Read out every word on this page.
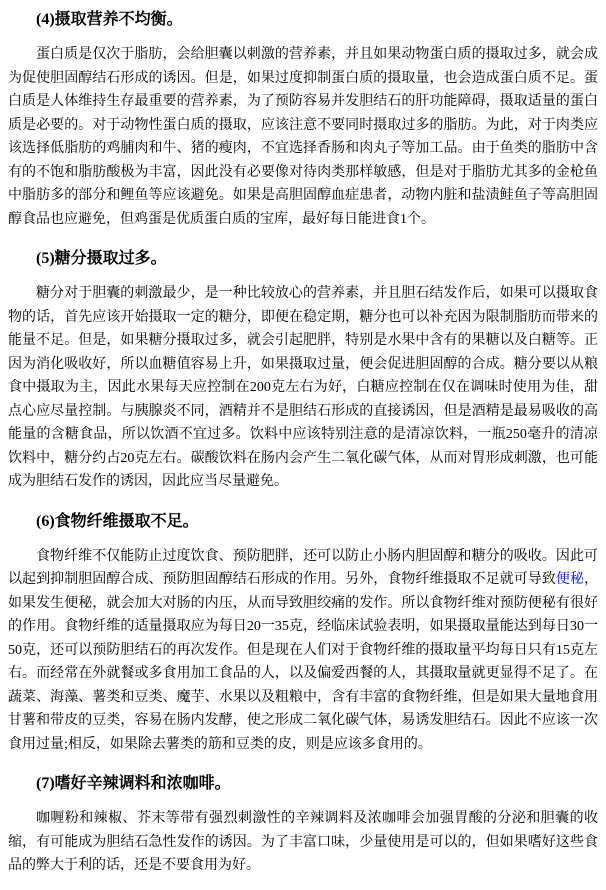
(4)摄取营养不均衡。

蛋白质是仅次于脂肪，会给胆囊以刺激的营养素，并且如果动物蛋白质的摄取过多，就会成为促使胆固醇结石形成的诱因。但是，如果过度抑制蛋白质的摄取量，也会造成蛋白质不足。蛋白质是人体维持生存最重要的营养素，为了预防容易并发胆结石的肝功能障碍，摄取适量的蛋白质是必要的。对于动物性蛋白质的摄取，应该注意不要同时摄取过多的脂肪。为此，对于肉类应该选择低脂肪的鸡脯肉和牛、猪的瘦肉，不宜选择香肠和肉丸子等加工品。由于鱼类的脂肪中含有的不饱和脂肪酸极为丰富，因此没有必要像对待肉类那样敏感，但是对于脂肪尤其多的金枪鱼中脂肪多的部分和鲤鱼等应该避免。如果是高胆固醇血症患者，动物内脏和盐渍鲑鱼子等高胆固醇食品也应避免，但鸡蛋是优质蛋白质的宝库，最好每日能进食1个。

(5)糖分摄取过多。

糖分对于胆囊的刺激最少，是一种比较放心的营养素，并且胆石结发作后，如果可以摄取食物的话，首先应该开始摄取一定的糖分，即便在稳定期，糖分也可以补充因为限制脂肪而带来的能量不足。但是，如果糖分摄取过多，就会引起肥胖，特别是水果中含有的果糖以及白糖等。正因为消化吸收好，所以血糖值容易上升，如果摄取过量，便会促进胆固醇的合成。糖分要以从粮食中摄取为主，因此水果每天应控制在200克左右为好，白糖应控制在仅在调味时使用为佳，甜点心应尽量控制。与胰腺炎不同，酒精并不是胆结石形成的直接诱因，但是酒精是最易吸收的高能量的含糖食品，所以饮酒不宜过多。饮料中应该特别注意的是清凉饮料，一瓶250毫升的清凉饮料中，糖分约占20克左右。碳酸饮料在肠内会产生二氧化碳气体，从而对胃形成刺激，也可能成为胆结石发作的诱因，因此应当尽量避免。

(6)食物纤维摄取不足。

食物纤维不仅能防止过度饮食、预防肥胖，还可以防止小肠内胆固醇和糖分的吸收。因此可以起到抑制胆固醇合成、预防胆固醇结石形成的作用。另外，食物纤维摄取不足就可导致便秘，如果发生便秘，就会加大对肠的内压，从而导致胆绞痛的发作。所以食物纤维对预防便秘有很好的作用。食物纤维的适量摄取应为每日20一35克，经临床试验表明，如果摄取量能达到每日30一50克，还可以预防胆结石的再次发作。但是现在人们对于食物纤维的摄取量平均每日只有15克左右。而经常在外就餐或多食用加工食品的人，以及偏爱西餐的人，其摄取量就更显得不足了。在蔬菜、海藻、薯类和豆类、魔芋、水果以及粗粮中，含有丰富的食物纤维，但是如果大量地食用甘薯和带皮的豆类，容易在肠内发酵，使之形成二氧化碳气体，易诱发胆结石。因此不应该一次食用过量;相反，如果除去薯类的筋和豆类的皮，则是应该多食用的。

(7)嗜好辛辣调料和浓咖啡。

咖喱粉和辣椒、芥末等带有强烈刺激性的辛辣调料及浓咖啡会加强胃酸的分泌和胆囊的收缩，有可能成为胆结石急性发作的诱因。为了丰富口味，少量使用是可以的，但如果嗜好这些食品的弊大于利的话，还是不要食用为好。
